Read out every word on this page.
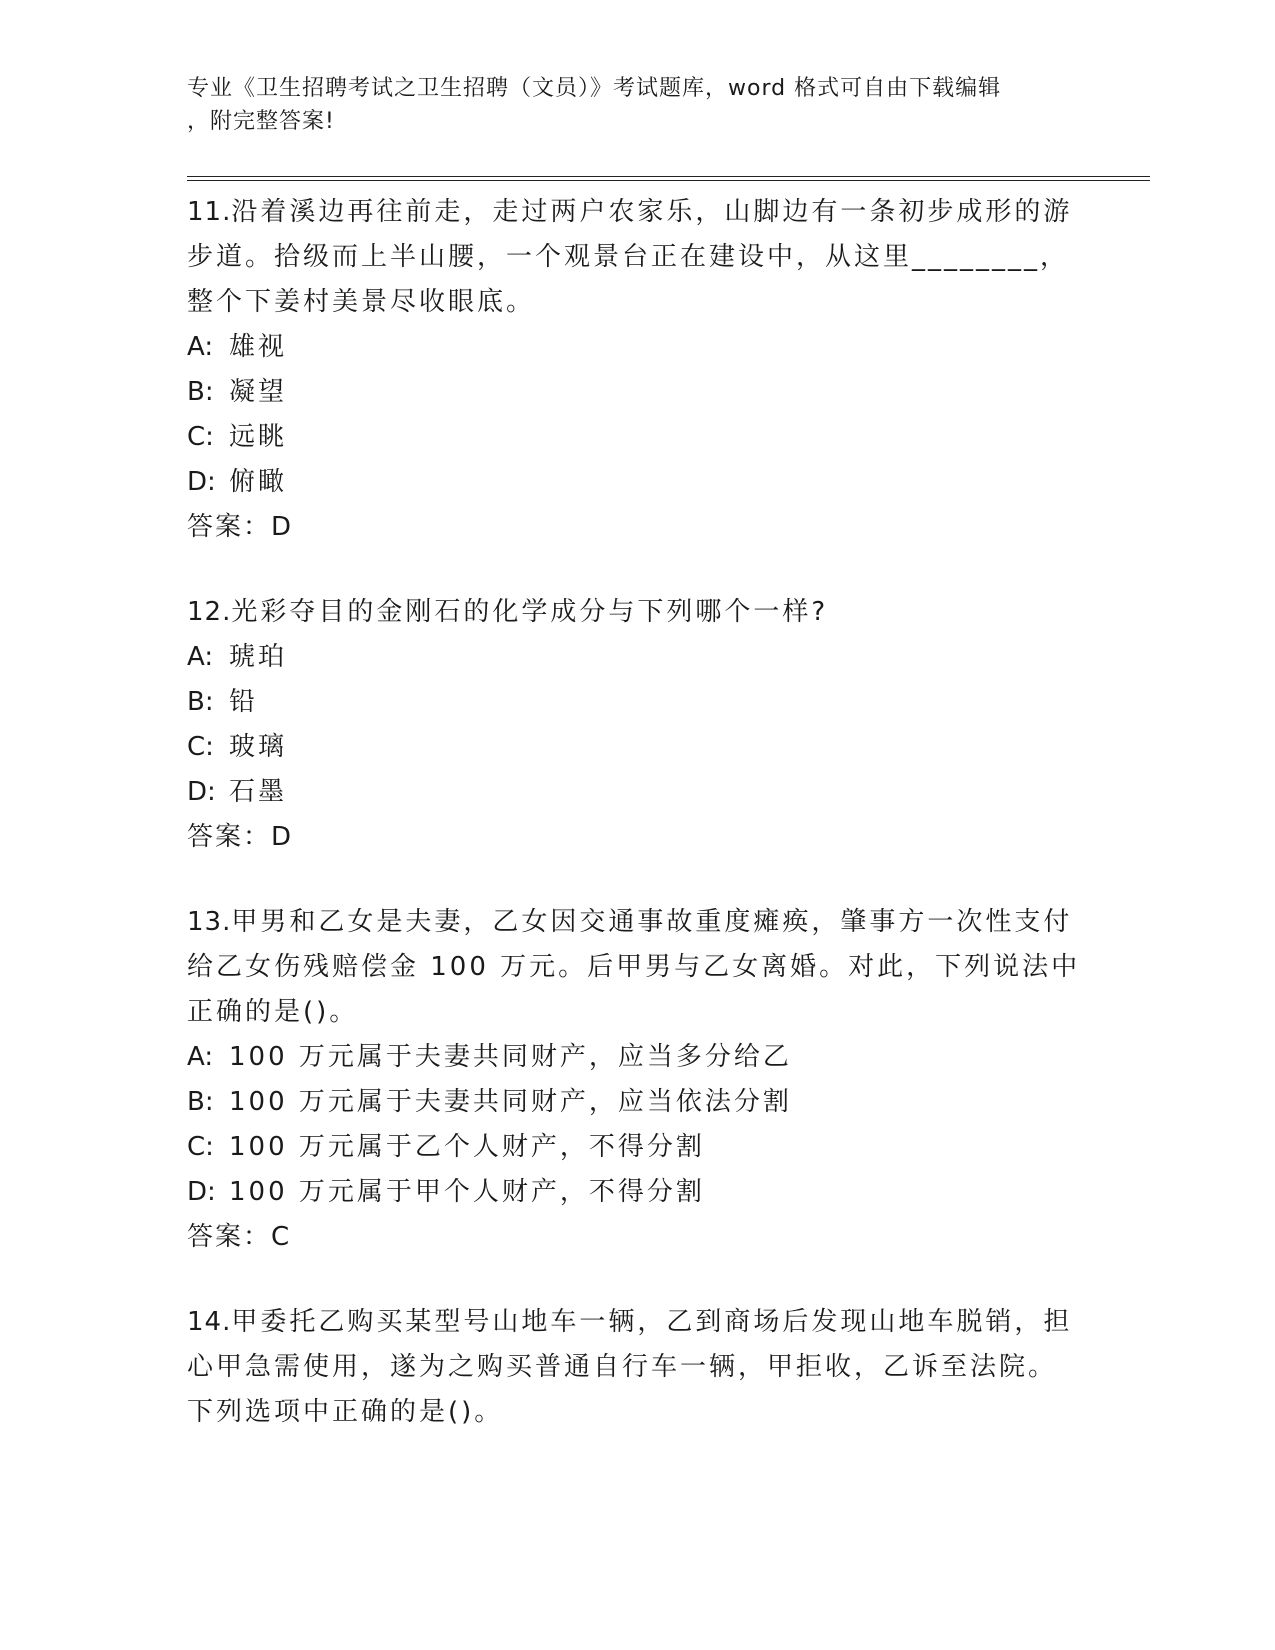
专业《卫生招聘考试之卫生招聘（文员）》考试题库，word 格式可自由下载编辑
，附完整答案!
11.沿着溪边再往前走，走过两户农家乐，山脚边有一条初步成形的游
步道。拾级而上半山腰，一个观景台正在建设中，从这里________，
整个下姜村美景尽收眼底。
A: 雄视
B: 凝望
C: 远眺
D: 俯瞰
答案：D
12.光彩夺目的金刚石的化学成分与下列哪个一样?
A: 琥珀
B: 铅
C: 玻璃
D: 石墨
答案：D
13.甲男和乙女是夫妻，乙女因交通事故重度瘫痪，肇事方一次性支付
给乙女伤残赔偿金 100 万元。后甲男与乙女离婚。对此，下列说法中
正确的是()。
A: 100 万元属于夫妻共同财产，应当多分给乙
B: 100 万元属于夫妻共同财产，应当依法分割
C: 100 万元属于乙个人财产，不得分割
D: 100 万元属于甲个人财产，不得分割
答案：C
14.甲委托乙购买某型号山地车一辆，乙到商场后发现山地车脱销，担
心甲急需使用，遂为之购买普通自行车一辆，甲拒收，乙诉至法院。
下列选项中正确的是()。
